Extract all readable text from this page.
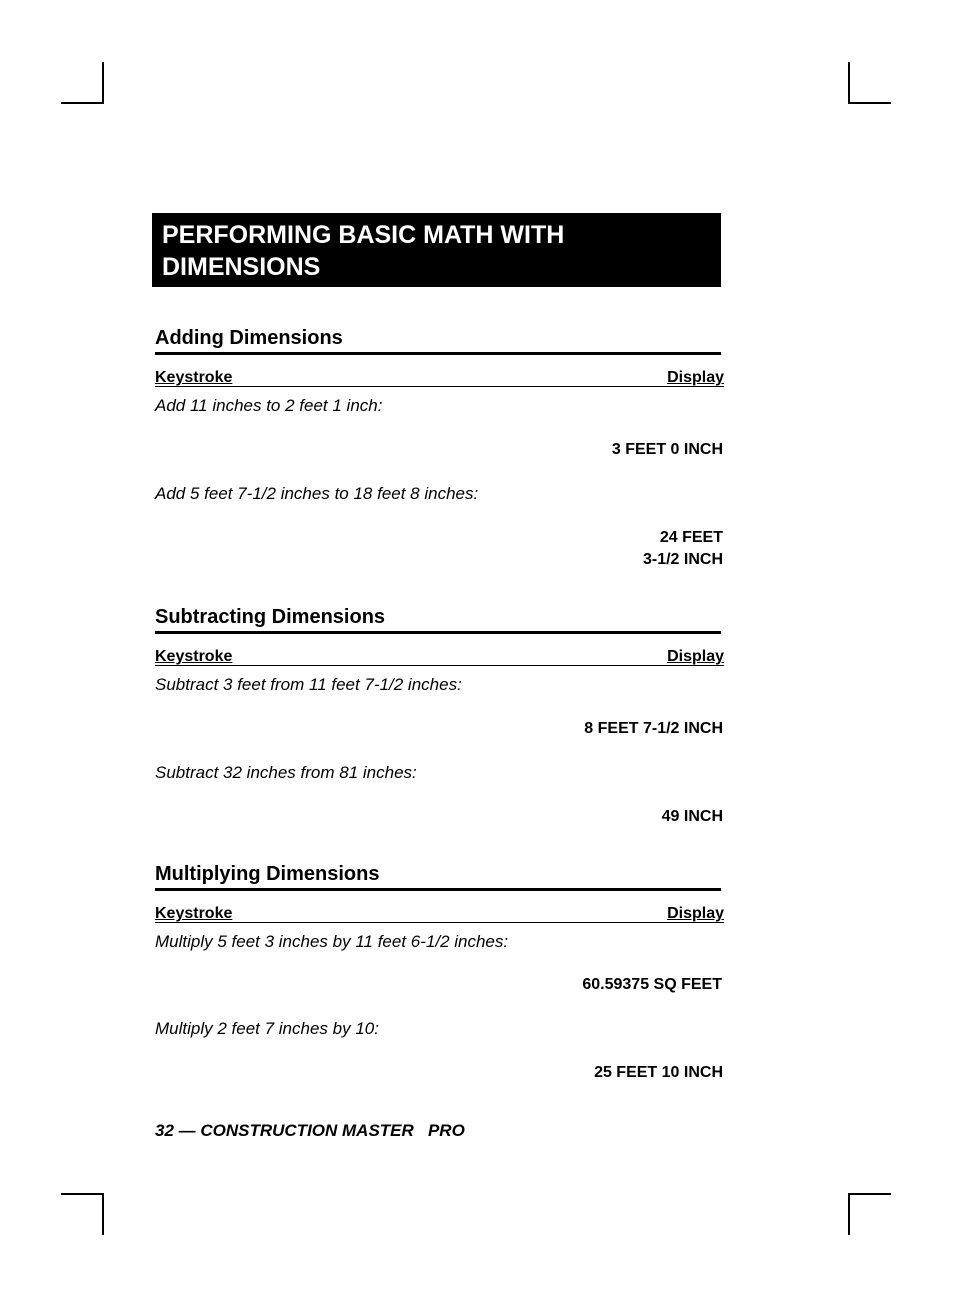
PERFORMING BASIC MATH WITH
DIMENSIONS
Adding Dimensions
Keystroke	Display
Add 11 inches to 2 feet 1 inch:
3 FEET 0 INCH
Add 5 feet 7-1/2 inches to 18 feet 8 inches:
24 FEET
3-1/2 INCH
Subtracting Dimensions
Keystroke	Display
Subtract 3 feet from 11 feet 7-1/2 inches:
8 FEET 7-1/2 INCH
Subtract 32 inches from 81 inches:
49 INCH
Multiplying Dimensions
Keystroke	Display
Multiply 5 feet 3 inches by 11 feet 6-1/2 inches:
60.59375 SQ FEET
Multiply 2 feet 7 inches by 10:
25 FEET 10 INCH
32 — CONSTRUCTION MASTER   PRO
